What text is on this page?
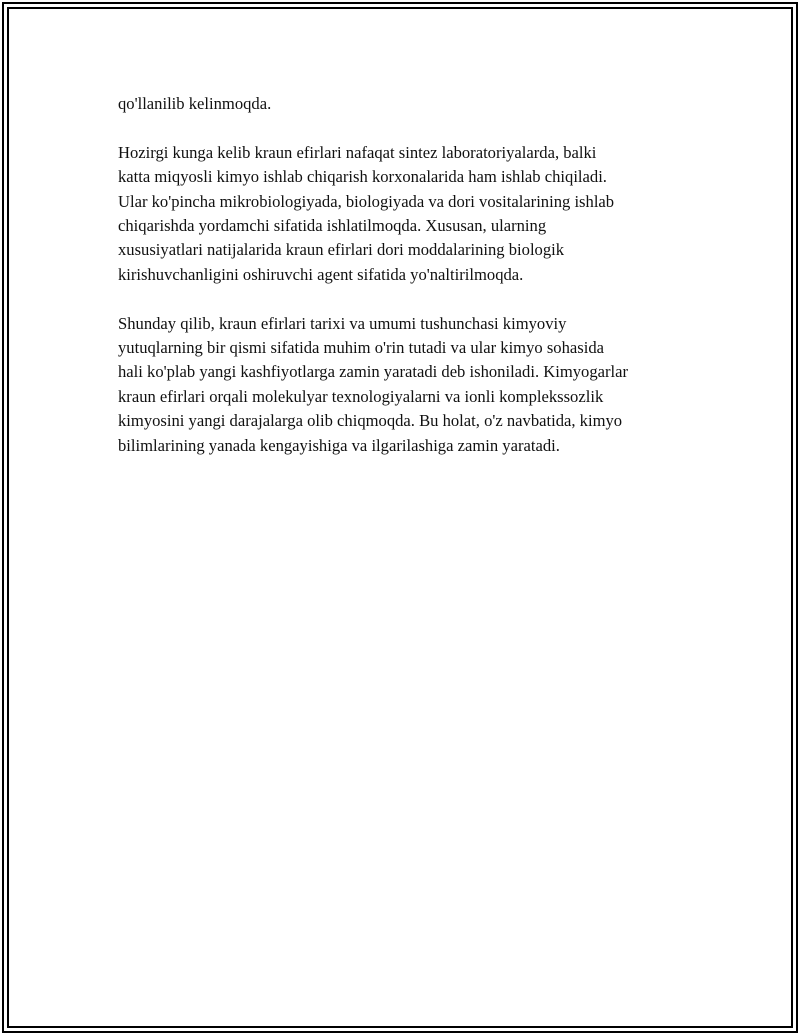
qo'llanilib kelinmoqda.

Hozirgi kunga kelib kraun efirlari nafaqat sintez laboratoriyalarda, balki
katta miqyosli kimyo ishlab chiqarish korxonalarida ham ishlab chiqiladi.
Ular ko'pincha mikrobiologiyada, biologiyada va dori vositalarining ishlab
chiqarishda yordamchi sifatida ishlatilmoqda. Xususan, ularning
xususiyatlari natijalarida kraun efirlari dori moddalarining biologik
kirishuvchanligini oshiruvchi agent sifatida yo'naltirilmoqda.

Shunday qilib, kraun efirlari tarixi va umumi tushunchasi kimyoviy
yutuqlarning bir qismi sifatida muhim o'rin tutadi va ular kimyo sohasida
hali ko'plab yangi kashfiyotlarga zamin yaratadi deb ishoniladi. Kimyogarlar
kraun efirlari orqali molekulyar texnologiyalarni va ionli komplekssozlik
kimyosini yangi darajalarga olib chiqmoqda. Bu holat, o'z navbatida, kimyo
bilimlarining yanada kengayishiga va ilgarilashiga zamin yaratadi.
